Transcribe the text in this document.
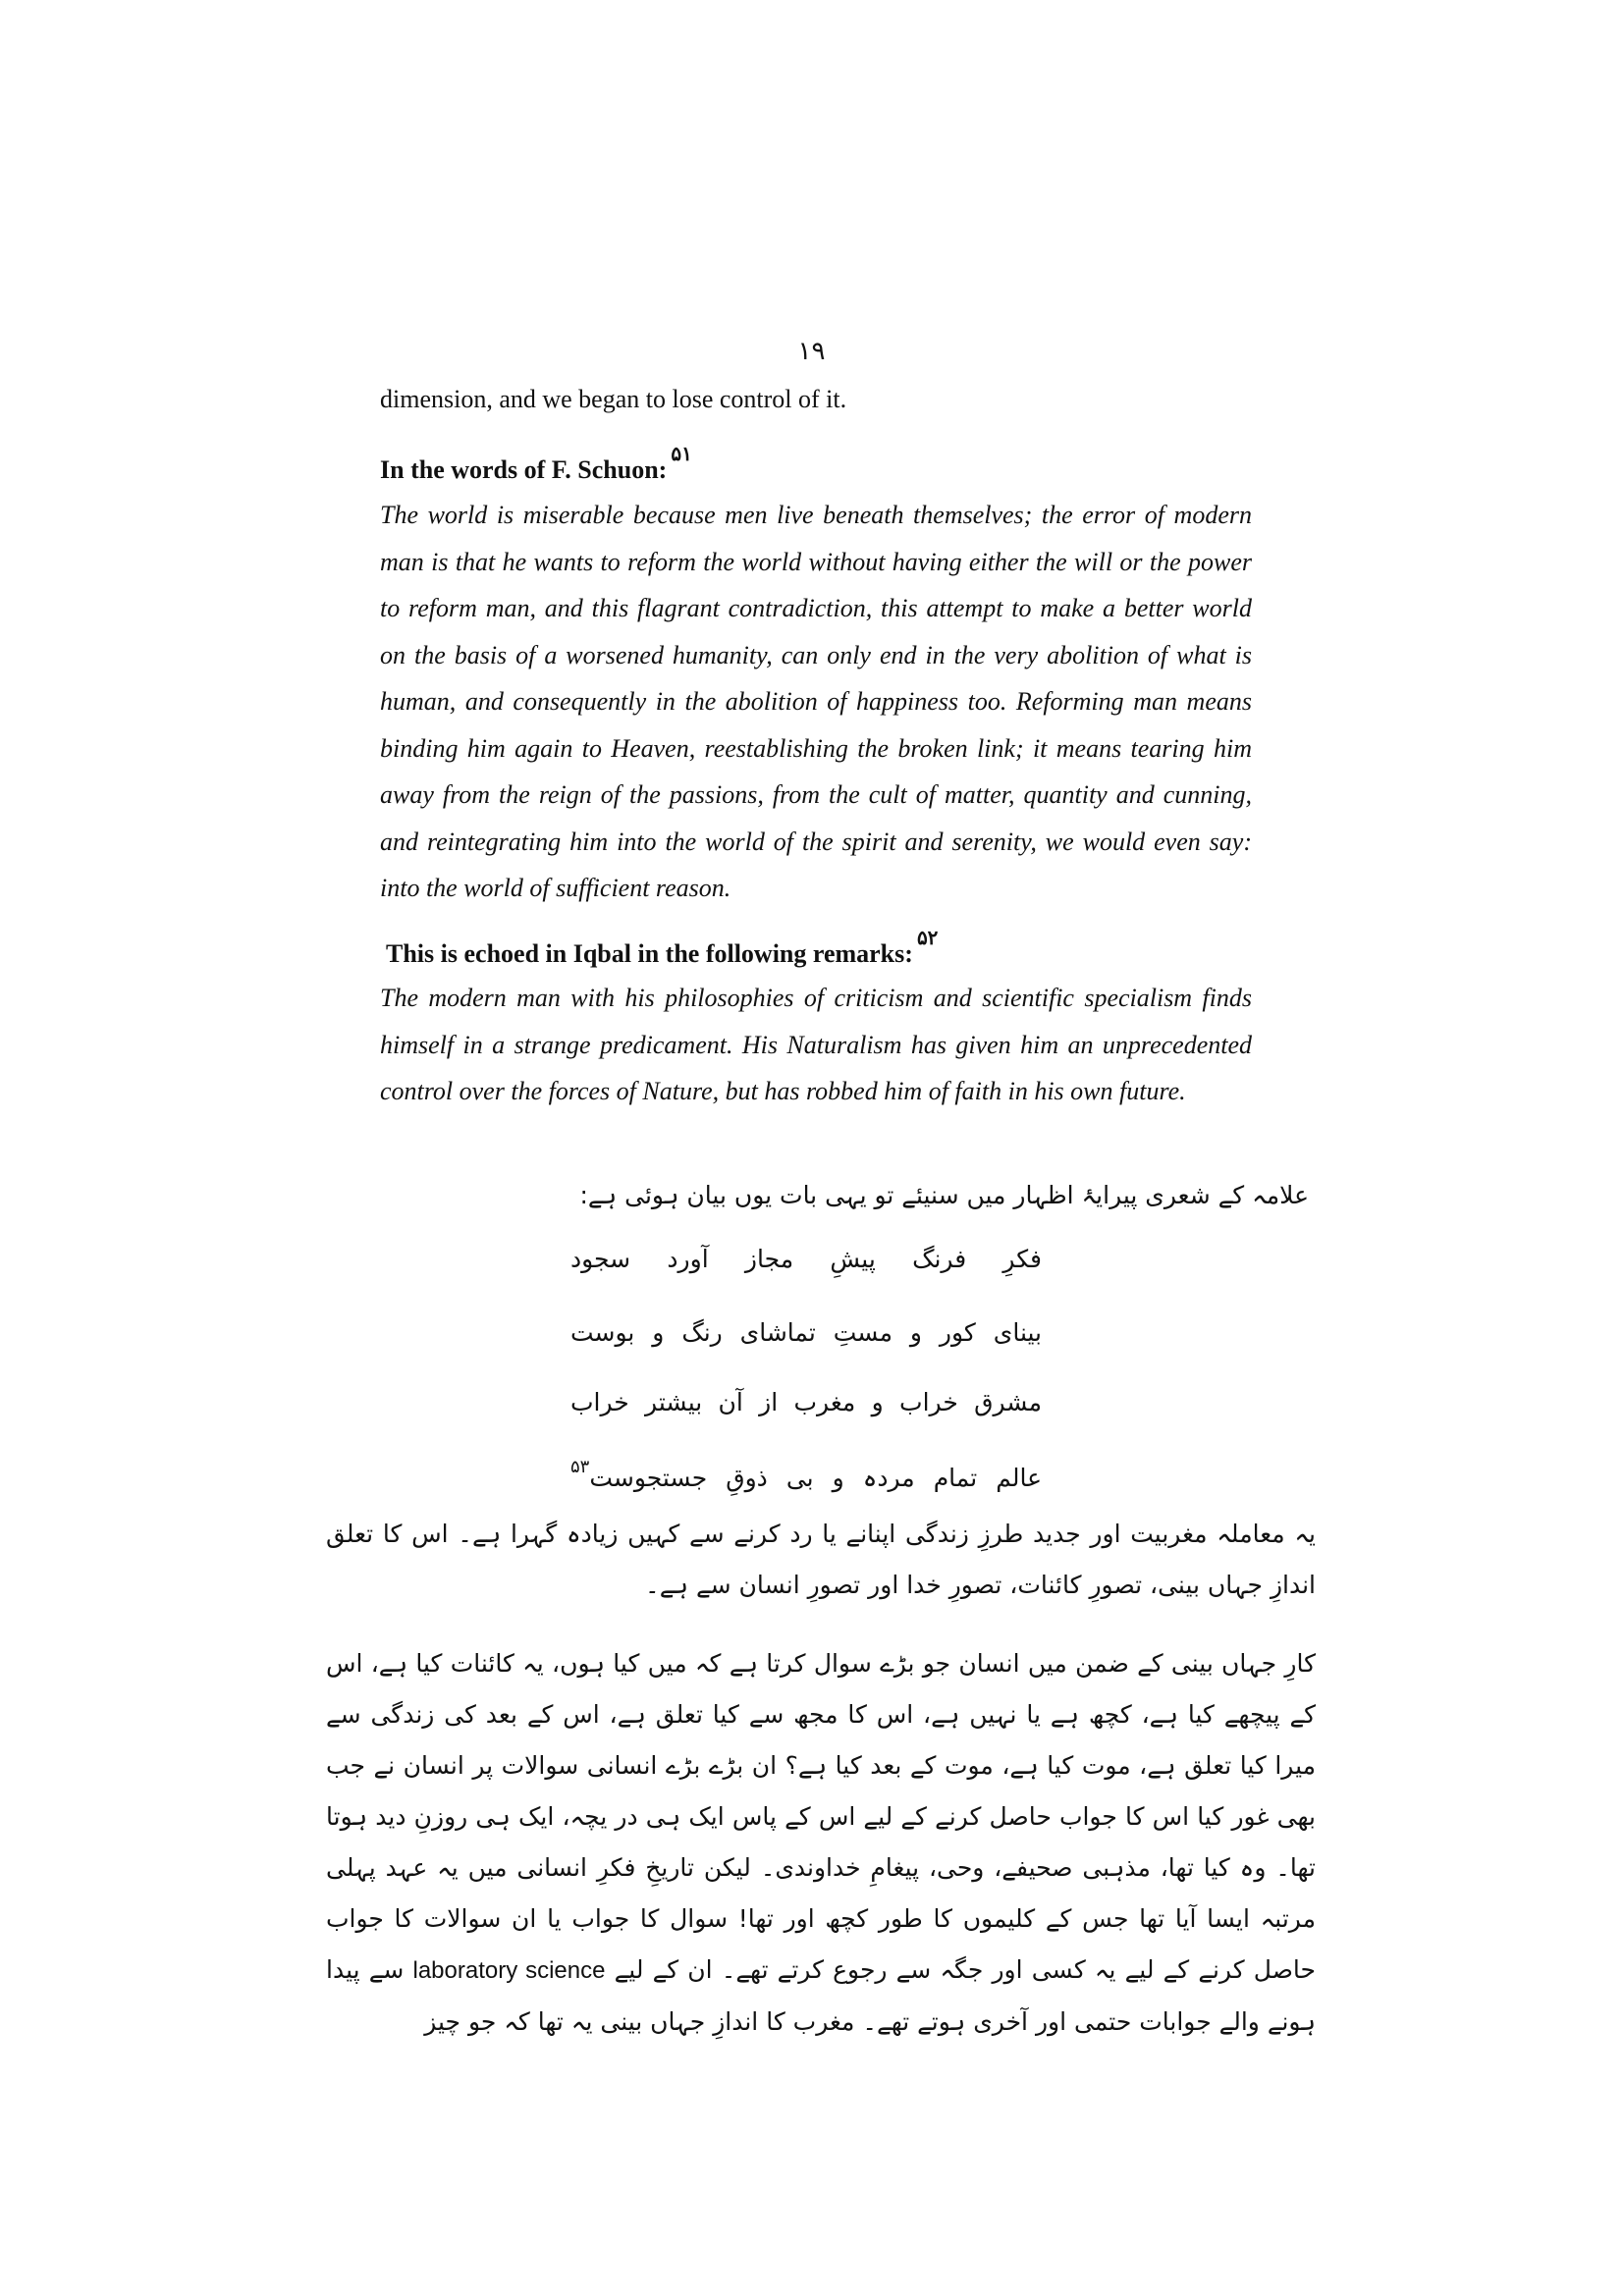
۱۹
dimension, and we began to lose control of it.
In the words of F. Schuon:$^{۵۱}$
The world is miserable because men live beneath themselves; the error of modern man is that he wants to reform the world without having either the will or the power to reform man, and this flagrant contradiction, this attempt to make a better world on the basis of a worsened humanity, can only end in the very abolition of what is human, and consequently in the abolition of happiness too. Reforming man means binding him again to Heaven, reestablishing the broken link; it means tearing him away from the reign of the passions, from the cult of matter, quantity and cunning, and reintegrating him into the world of the spirit and serenity, we would even say: into the world of sufficient reason.
This is echoed in Iqbal in the following remarks:$^{۵۲}$
The modern man with his philosophies of criticism and scientific specialism finds himself in a strange predicament. His Naturalism has given him an unprecedented control over the forces of Nature, but has robbed him of faith in his own future.
علامہ کے شعری پیرایۂ اظہار میں سنیئے تو یہی بات یوں بیان ہوئی ہے:
فکرِ فرنگ پیشِ مجاز آورد سجود
بینای کور و مستِ تماشای رنگ و بوست
مشرق خراب و مغرب از آن بیشتر خراب
عالم تمام مردہ و بی ذوقِ جستجوست$^{۵۳}$
یہ معاملہ مغربیت اور جدید طرزِ زندگی اپنانے یا رد کرنے سے کہیں زیادہ گہرا ہے۔ اس کا تعلق اندازِ جہاں بینی، تصورِ کائنات، تصورِ خدا اور تصورِ انسان سے ہے۔
کارِ جہاں بینی کے ضمن میں انسان جو بڑے سوال کرتا ہے کہ میں کیا ہوں، یہ کائنات کیا ہے، اس کے پیچھے کیا ہے، کچھ ہے یا نہیں ہے، اس کا مجھ سے کیا تعلق ہے، اس کے بعد کی زندگی سے میرا کیا تعلق ہے، موت کیا ہے، موت کے بعد کیا ہے؟ ان بڑے بڑے انسانی سوالات پر انسان نے جب بھی غور کیا اس کا جواب حاصل کرنے کے لیے اس کے پاس ایک ہی در یچہ، ایک ہی روزنِ دید ہوتا تھا۔ وہ کیا تھا، مذہبی صحیفے، وحی، پیغامِ خداوندی۔ لیکن تاریخِ فکرِ انسانی میں یہ عہد پہلی مرتبہ ایسا آیا تھا جس کے کلیموں کا طور کچھ اور تھا! سوال کا جواب یا ان سوالات کا جواب حاصل کرنے کے لیے یہ کسی اور جگہ سے رجوع کرتے تھے۔ ان کے لیے laboratory science سے پیدا ہونے والے جوابات حتمی اور آخری ہوتے تھے۔ مغرب کا اندازِ جہاں بینی یہ تھا کہ جو چیز
